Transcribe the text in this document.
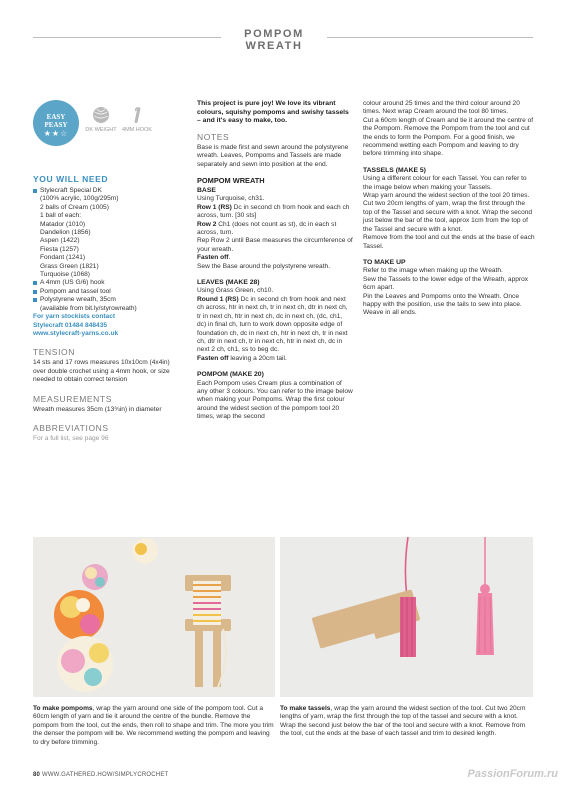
POMPOM WREATH
EASY
PEASY
★★☆	DK WEIGHT 4MM HOOK
YOU WILL NEED
Stylecraft Special DK
(100% acrylic, 100g/295m)
2 balls of Cream (1005)
1 ball of each:
Matador (1010)
Dandelion (1856)
Aspen (1422)
Fiesta (1257)
Fondant (1241)
Grass Green (1821)
Turquoise (1068)
A 4mm (US G/6) hook
Pompom and tassel tool
Polystyrene wreath, 35cm
(available from bit.ly/styrowreath)
For yarn stockists contact
Stylecraft 01484 848435
www.stylecraft-yarns.co.uk
TENSION
14 sts and 17 rows measures 10x10cm (4x4in) over double crochet using a 4mm hook, or size needed to obtain correct tension
MEASUREMENTS
Wreath measures 35cm (13¾in) in diameter
ABBREVIATIONS
For a full list, see page 96
This project is pure joy! We love its vibrant colours, squishy pompoms and swishy tassels – and it's easy to make, too.
NOTES
Base is made first and sewn around the polystyrene wreath. Leaves, Pompoms and Tassels are made separately and sewn into position at the end.
POMPOM WREATH
BASE
Using Turquoise, ch31.
Row 1 (RS) Dc in second ch from hook and each ch across, turn. [30 sts]
Row 2 Ch1 (does not count as st), dc in each st across, turn.
Rep Row 2 until Base measures the circumference of your wreath.
Fasten off.
Sew the Base around the polystyrene wreath.
LEAVES (MAKE 28)
Using Grass Green, ch10.
Round 1 (RS) Dc in second ch from hook and next ch across, htr in next ch, tr in next ch, dtr in next ch, tr in next ch, htr in next ch, dc in next ch, (dc, ch1, dc) in final ch, turn to work down opposite edge of foundation ch, dc in next ch, htr in next ch, tr in next ch, dtr in next ch, tr in next ch, htr in next ch, dc in next 2 ch, ch1, ss to beg dc.
Fasten off leaving a 20cm tail.
POMPOM (MAKE 20)
Each Pompom uses Cream plus a combination of any other 3 colours. You can refer to the image below when making your Pompoms. Wrap the first colour around the widest section of the pompom tool 20 times, wrap the second
colour around 25 times and the third colour around 20 times. Next wrap Cream around the tool 80 times.
Cut a 60cm length of Cream and tie it around the centre of the Pompom. Remove the Pompom from the tool and cut the ends to form the Pompom. For a good finish, we recommend wetting each Pompom and leaving to dry before trimming into shape.
TASSELS (MAKE 5)
Using a different colour for each Tassel. You can refer to the image below when making your Tassels.
Wrap yarn around the widest section of the tool 20 times. Cut two 20cm lengths of yarn, wrap the first through the top of the Tassel and secure with a knot. Wrap the second just below the bar of the tool, approx 1cm from the top of the Tassel and secure with a knot.
Remove from the tool and cut the ends at the base of each Tassel.
TO MAKE UP
Refer to the image when making up the Wreath.
Sew the Tassels to the lower edge of the Wreath, approx 6cm apart.
Pin the Leaves and Pompoms onto the Wreath. Once happy with the position, use the tails to sew into place.
Weave in all ends.
To make pompoms, wrap the yarn around one side of the pompom tool. Cut a 60cm length of yarn and tie it around the centre of the bundle. Remove the pompom from the tool, cut the ends, then roll to shape and trim. The more you trim the denser the pompom will be. We recommend wetting the pompom and leaving to dry before trimming.
To make tassels, wrap the yarn around the widest section of the tool. Cut two 20cm lengths of yarn, wrap the first through the top of the tassel and secure with a knot. Wrap the second just below the bar of the tool and secure with a knot. Remove from the tool, cut the ends at the base of each tassel and trim to desired length.
80 WWW.GATHERED.HOW/SIMPLYCROCHET	PassionForum.ru
